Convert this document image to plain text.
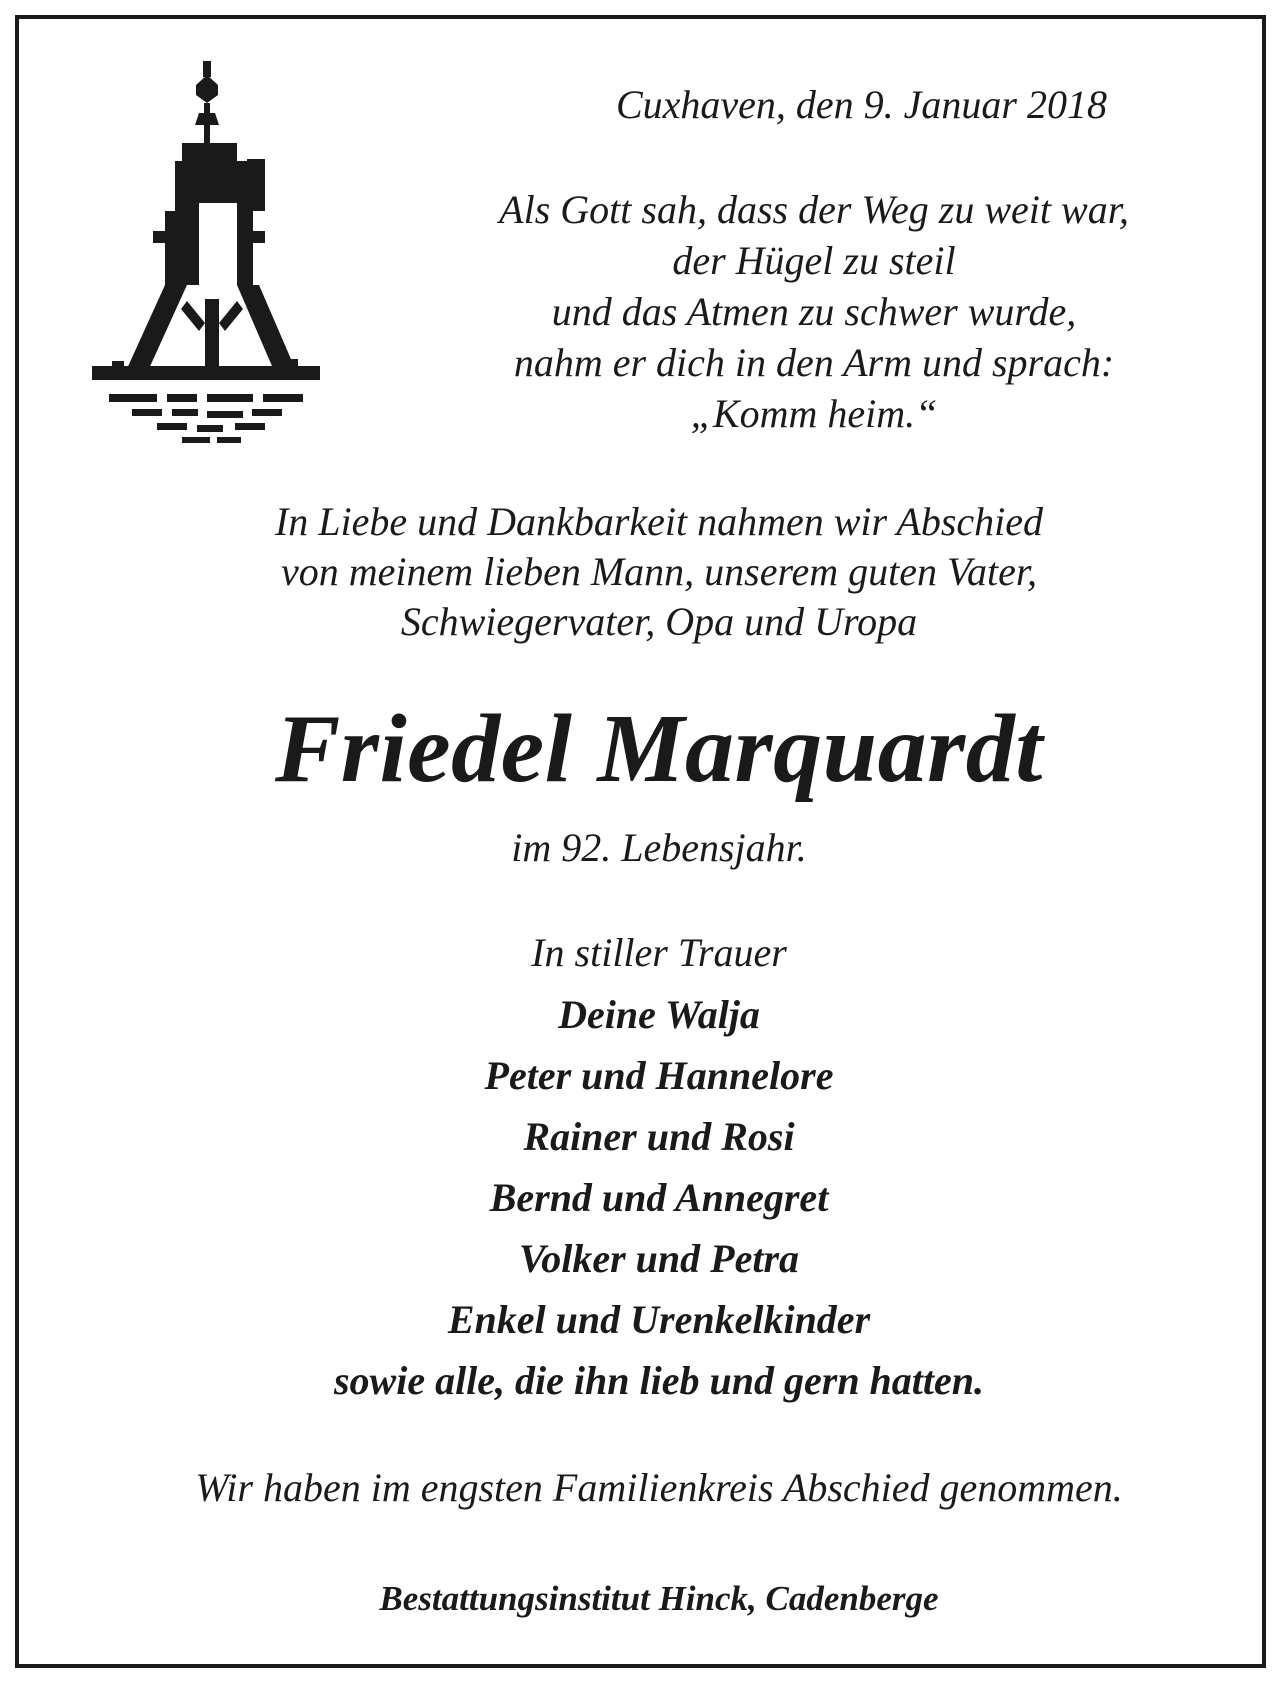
Cuxhaven, den 9. Januar 2018
Als Gott sah, dass der Weg zu weit war,
der Hügel zu steil
und das Atmen zu schwer wurde,
nahm er dich in den Arm und sprach:
„Komm heim.“
In Liebe und Dankbarkeit nahmen wir Abschied
von meinem lieben Mann, unserem guten Vater,
Schwiegervater, Opa und Uropa
Friedel Marquardt
im 92. Lebensjahr.
In stiller Trauer
Deine Walja
Peter und Hannelore
Rainer und Rosi
Bernd und Annegret
Volker und Petra
Enkel und Urenkelkinder
sowie alle, die ihn lieb und gern hatten.
Wir haben im engsten Familienkreis Abschied genommen.
Bestattungsinstitut Hinck, Cadenberge
